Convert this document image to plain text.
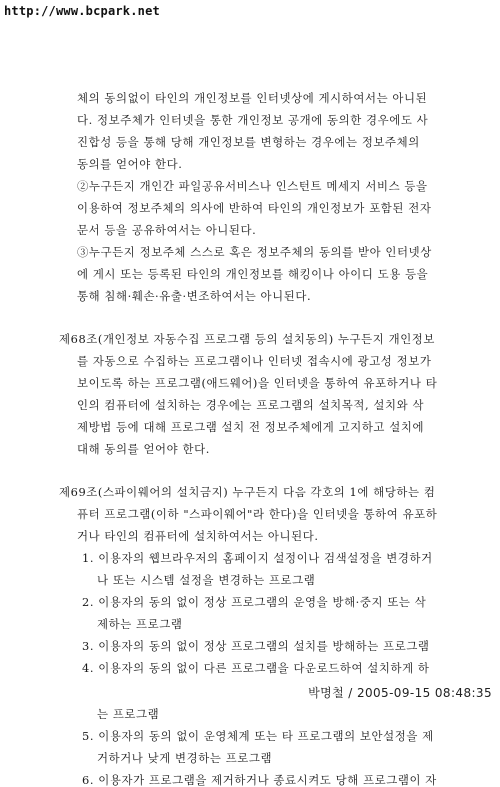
http://www.bcpark.net
체의 동의없이 타인의 개인정보를 인터넷상에 게시하여서는 아니된
다. 정보주체가 인터넷을 통한 개인정보 공개에 동의한 경우에도 사
진합성 등을 통해 당해 개인정보를 변형하는 경우에는 정보주체의
동의를 얻어야 한다.
②누구든지 개인간 파일공유서비스나 인스턴트 메세지 서비스 등을
이용하여 정보주체의 의사에 반하여 타인의 개인정보가 포함된 전자
문서 등을 공유하여서는 아니된다.
③누구든지 정보주체 스스로 혹은 정보주체의 동의를 받아 인터넷상
에 게시 또는 등록된 타인의 개인정보를 해킹이나 아이디 도용 등을
통해 침해·훼손·유출·변조하여서는 아니된다.
제68조(개인정보 자동수집 프로그램 등의 설치동의) 누구든지 개인정보
를 자동으로 수집하는 프로그램이나 인터넷 접속시에 광고성 정보가
보이도록 하는 프로그램(애드웨어)을 인터넷을 통하여 유포하거나 타
인의 컴퓨터에 설치하는 경우에는 프로그램의 설치목적, 설치와 삭
제방법 등에 대해 프로그램 설치 전 정보주체에게 고지하고 설치에
대해 동의를 얻어야 한다.
제69조(스파이웨어의 설치금지) 누구든지 다음 각호의 1에 해당하는 컴
퓨터 프로그램(이하 "스파이웨어"라 한다)을 인터넷을 통하여 유포하
거나 타인의 컴퓨터에 설치하여서는 아니된다.
1. 이용자의 웹브라우저의 홈페이지 설정이나 검색설정을 변경하거
나 또는 시스템 설정을 변경하는 프로그램
2. 이용자의 동의 없이 정상 프로그램의 운영을 방해·중지 또는 삭
제하는 프로그램
3. 이용자의 동의 없이 정상 프로그램의 설치를 방해하는 프로그램
4. 이용자의 동의 없이 다른 프로그램을 다운로드하여 설치하게 하
박명철 / 2005-09-15 08:48:35
는 프로그램
5. 이용자의 동의 없이 운영체계 또는 타 프로그램의 보안설정을 제
거하거나 낮게 변경하는 프로그램
6. 이용자가 프로그램을 제거하거나 종료시켜도 당해 프로그램이 자
